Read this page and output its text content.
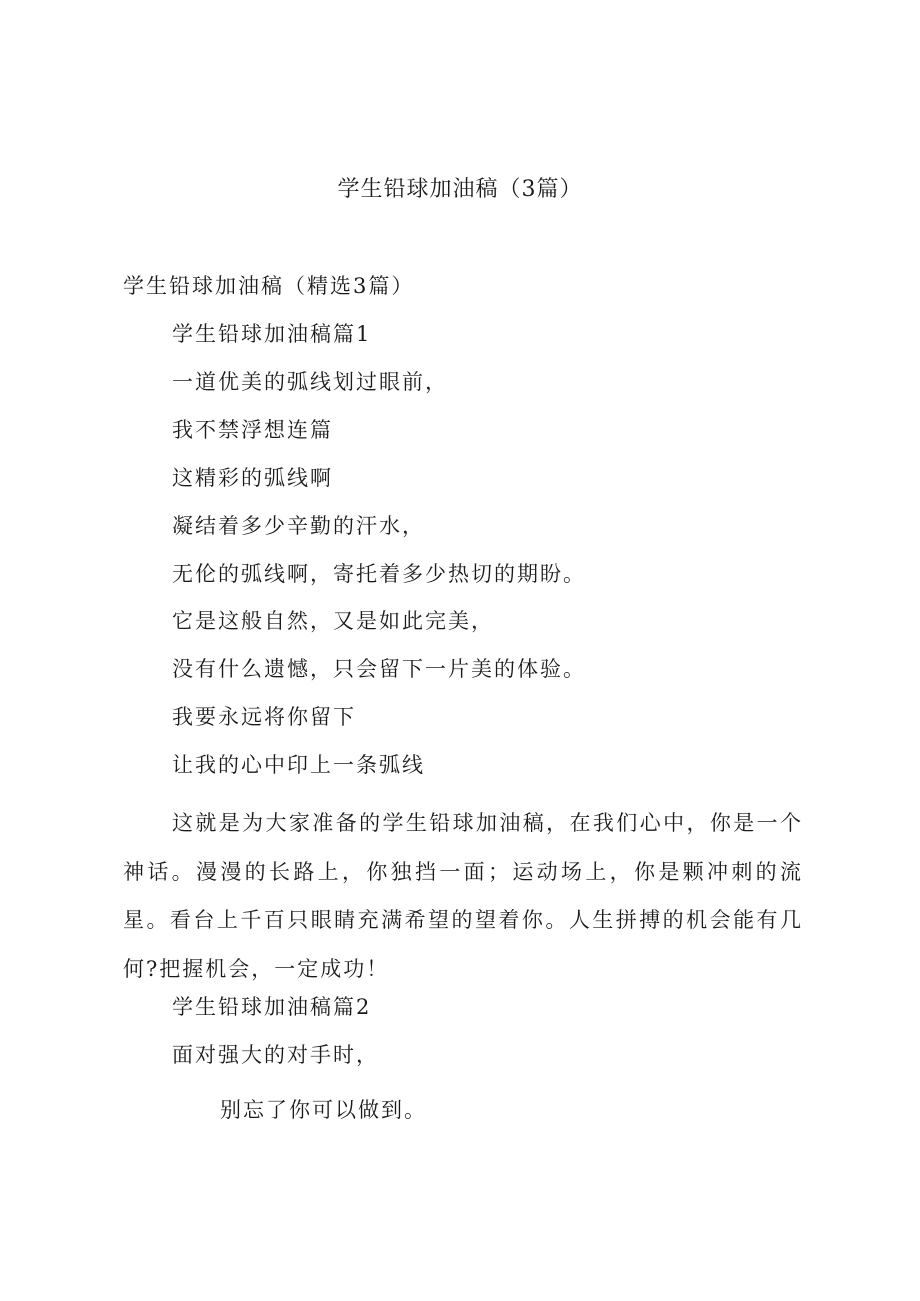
学生铅球加油稿（3篇）
学生铅球加油稿（精选3篇）
学生铅球加油稿篇1
一道优美的弧线划过眼前，
我不禁浮想连篇
这精彩的弧线啊
凝结着多少辛勤的汗水，
无伦的弧线啊，寄托着多少热切的期盼。
它是这般自然，又是如此完美，
没有什么遗憾，只会留下一片美的体验。
我要永远将你留下
让我的心中印上一条弧线

这就是为大家准备的学生铅球加油稿，在我们心中，你是一个神话。漫漫的长路上，你独挡一面；运动场上，你是颗冲刺的流星。看台上千百只眼睛充满希望的望着你。人生拼搏的机会能有几何?把握机会，一定成功！

学生铅球加油稿篇2
面对强大的对手时，
别忘了你可以做到。
